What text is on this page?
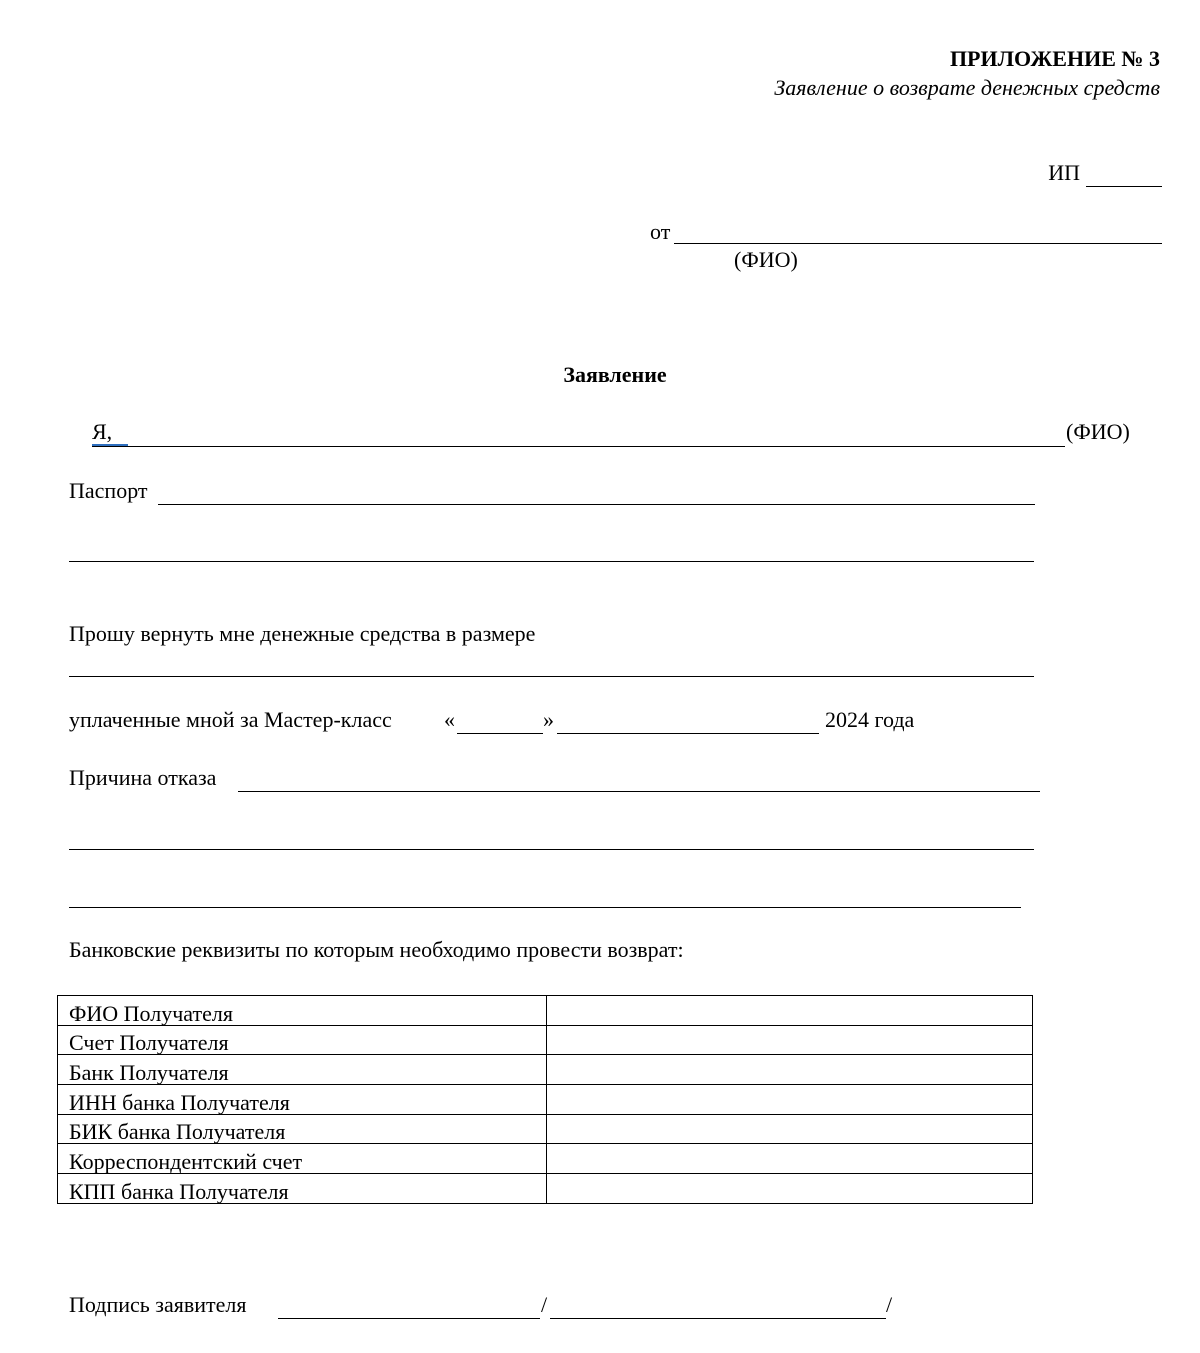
ПРИЛОЖЕНИЕ № 3
Заявление о возврате денежных средств
ИП
от
(ФИО)
Заявление
Я,	(ФИО)
Паспорт
Прошу вернуть мне денежные средства в размере
уплаченные мной за Мастер-класс «	»	2024 года
Причина отказа
Банковские реквизиты по которым необходимо провести возврат:
ФИО Получателя	
Счет Получателя	
Банк Получателя	
ИНН банка Получателя	
БИК банка Получателя	
Корреспондентский счет	
КПП банка Получателя	
Подпись заявителя	/	/
